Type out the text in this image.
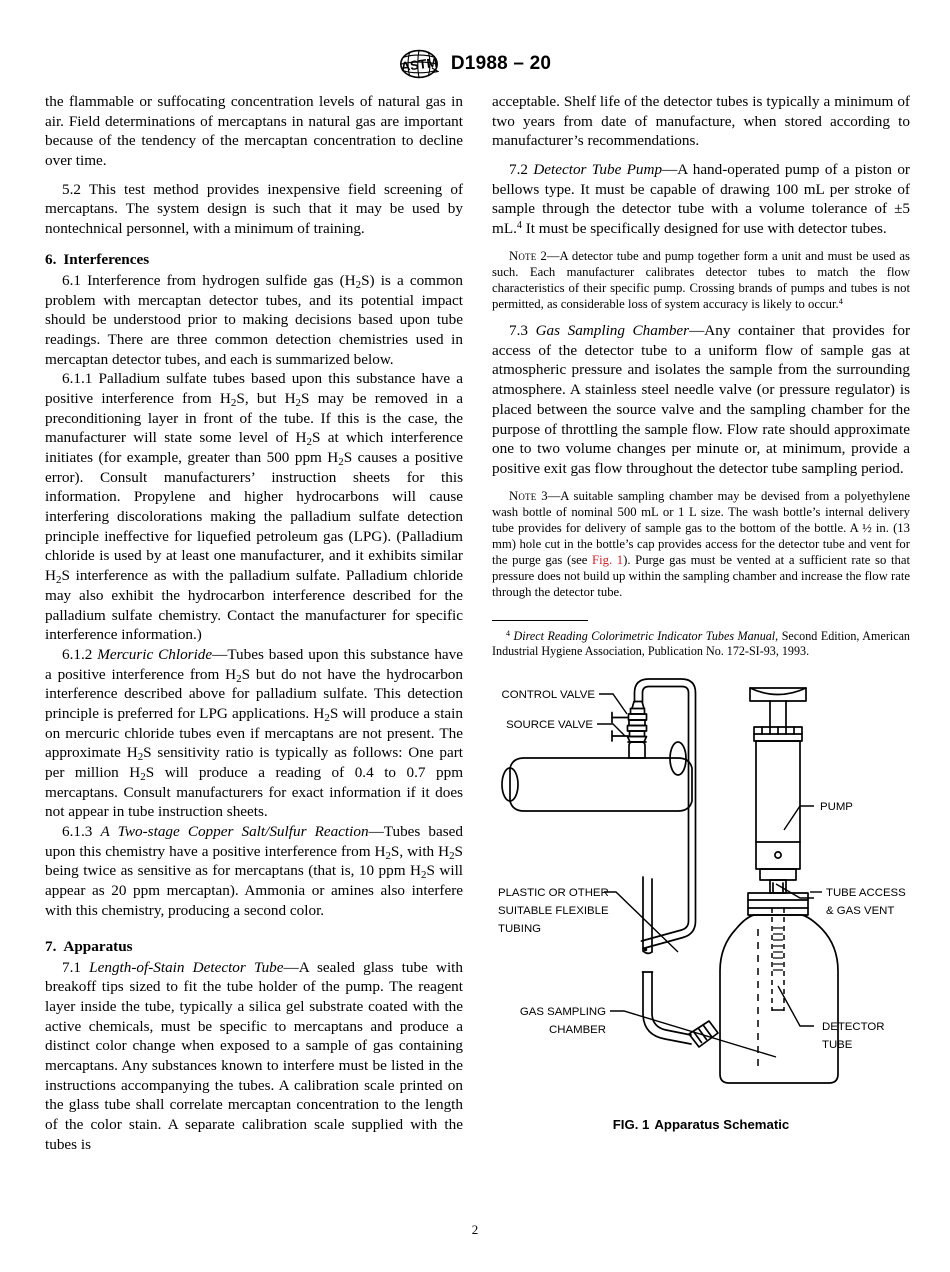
ASTM D1988 – 20

the flammable or suffocating concentration levels of natural gas in air. Field determinations of mercaptans in natural gas are important because of the tendency of the mercaptan concentration to decline over time.

5.2 This test method provides inexpensive field screening of mercaptans. The system design is such that it may be used by nontechnical personnel, with a minimum of training.

6. Interferences

6.1 Interference from hydrogen sulfide gas $(H_2S)$ is a common problem with mercaptan detector tubes, and its potential impact should be understood prior to making decisions based upon tube readings. There are three common detection chemistries used in mercaptan detector tubes, and each is summarized below.

6.1.1 Palladium sulfate tubes based upon this substance have a positive interference from $H_2S$, but $H_2S$ may be removed in a preconditioning layer in front of the tube. If this is the case, the manufacturer will state some level of $H_2S$ at which interference initiates (for example, greater than 500 ppm $H_2S$ causes a positive error). Consult manufacturers’ instruction sheets for this information. Propylene and higher hydrocarbons will cause interfering discolorations making the palladium sulfate detection principle ineffective for liquefied petroleum gas (LPG). (Palladium chloride is used by at least one manufacturer, and it exhibits similar $H_2S$ interference as with the palladium sulfate. Palladium chloride may also exhibit the hydrocarbon interference described for the palladium sulfate chemistry. Contact the manufacturer for specific interference information.)

6.1.2 Mercuric Chloride—Tubes based upon this substance have a positive interference from $H_2S$ but do not have the hydrocarbon interference described above for palladium sulfate. This detection principle is preferred for LPG applications. $H_2S$ will produce a stain on mercuric chloride tubes even if mercaptans are not present. The approximate $H_2S$ sensitivity ratio is typically as follows: One part per million $H_2S$ will produce a reading of 0.4 to 0.7 ppm mercaptans. Consult manufacturers for exact information if it does not appear in tube instruction sheets.

6.1.3 A Two-stage Copper Salt/Sulfur Reaction—Tubes based upon this chemistry have a positive interference from $H_2S$, with $H_2S$ being twice as sensitive as for mercaptans (that is, 10 ppm $H_2S$ will appear as 20 ppm mercaptan). Ammonia or amines also interfere with this chemistry, producing a second color.

7. Apparatus

7.1 Length-of-Stain Detector Tube—A sealed glass tube with breakoff tips sized to fit the tube holder of the pump. The reagent layer inside the tube, typically a silica gel substrate coated with the active chemicals, must be specific to mercaptans and produce a distinct color change when exposed to a sample of gas containing mercaptans. Any substances known to interfere must be listed in the instructions accompanying the tubes. A calibration scale printed on the glass tube shall correlate mercaptan concentration to the length of the color stain. A separate calibration scale supplied with the tubes is

acceptable. Shelf life of the detector tubes is typically a minimum of two years from date of manufacture, when stored according to manufacturer’s recommendations.

7.2 Detector Tube Pump—A hand-operated pump of a piston or bellows type. It must be capable of drawing 100 mL per stroke of sample through the detector tube with a volume tolerance of ±5 mL.$^4$ It must be specifically designed for use with detector tubes.

Note 2—A detector tube and pump together form a unit and must be used as such. Each manufacturer calibrates detector tubes to match the flow characteristics of their specific pump. Crossing brands of pumps and tubes is not permitted, as considerable loss of system accuracy is likely to occur.$^4$

7.3 Gas Sampling Chamber—Any container that provides for access of the detector tube to a uniform flow of sample gas at atmospheric pressure and isolates the sample from the surrounding atmosphere. A stainless steel needle valve (or pressure regulator) is placed between the source valve and the sampling chamber for the purpose of throttling the sample flow. Flow rate should approximate one to two volume changes per minute or, at minimum, provide a positive exit gas flow throughout the detector tube sampling period.

Note 3—A suitable sampling chamber may be devised from a polyethylene wash bottle of nominal 500 mL or 1 L size. The wash bottle’s internal delivery tube provides for delivery of sample gas to the bottom of the bottle. A ½ in. (13 mm) hole cut in the bottle’s cap provides access for the detector tube and vent for the purge gas (see Fig. 1). Purge gas must be vented at a sufficient rate so that pressure does not build up within the sampling chamber and increase the flow rate through the detector tube.

$^4$ Direct Reading Colorimetric Indicator Tubes Manual, Second Edition, American Industrial Hygiene Association, Publication No. 172-SI-93, 1993.

CONTROL VALVE
SOURCE VALVE
PLASTIC OR OTHER
SUITABLE FLEXIBLE
TUBING
PUMP
TUBE ACCESS
& GAS VENT
GAS SAMPLING
CHAMBER	DETECTOR
TUBE
FIG. 1 Apparatus Schematic
2
